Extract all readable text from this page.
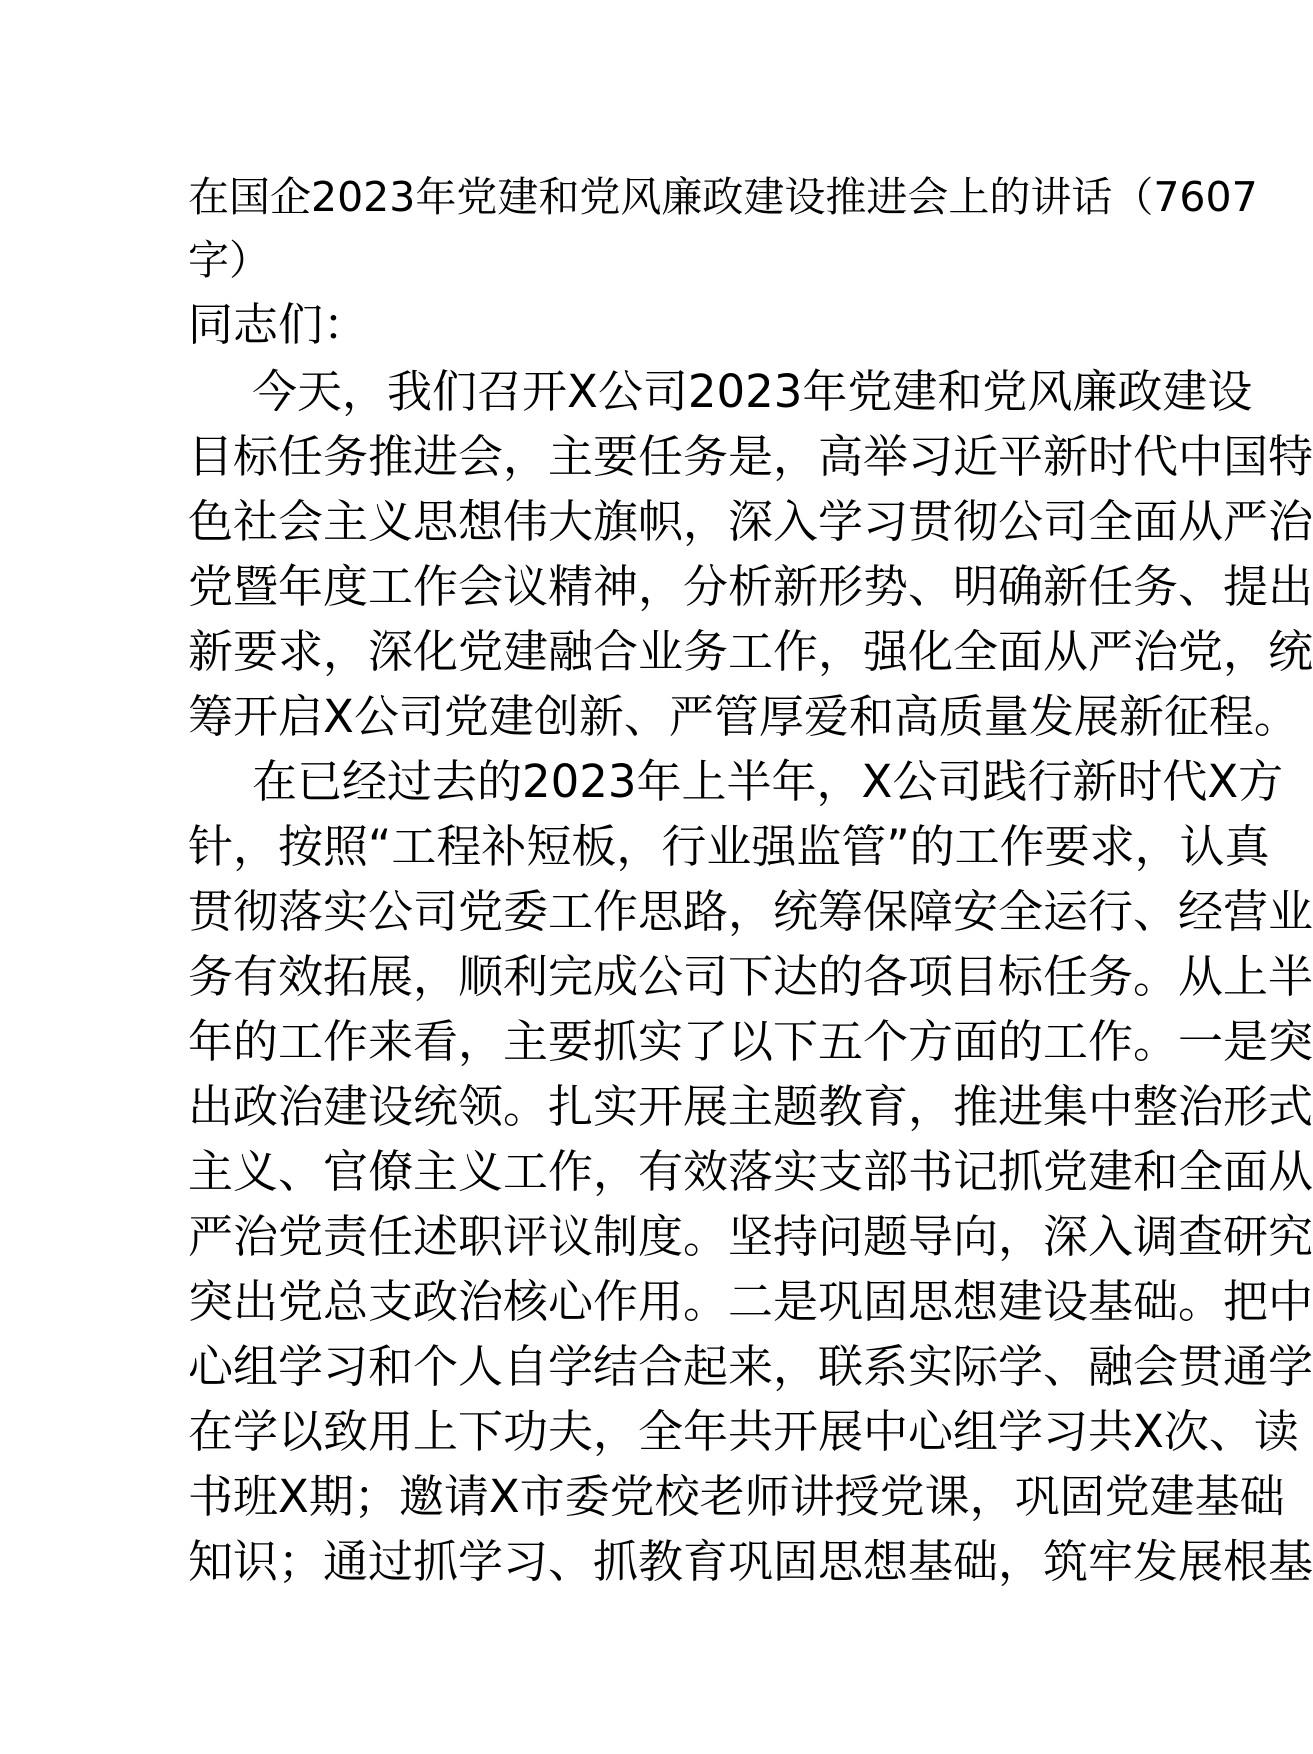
在国企2023年党建和党风廉政建设推进会上的讲话（7607
字）
同志们：
今天，我们召开X公司2023年党建和党风廉政建设
目标任务推进会，主要任务是，高举习近平新时代中国特
色社会主义思想伟大旗帜，深入学习贯彻公司全面从严治
党暨年度工作会议精神，分析新形势、明确新任务、提出
新要求，深化党建融合业务工作，强化全面从严治党，统
筹开启X公司党建创新、严管厚爱和高质量发展新征程。
在已经过去的2023年上半年，X公司践行新时代X方
针，按照“工程补短板，行业强监管”的工作要求，认真
贯彻落实公司党委工作思路，统筹保障安全运行、经营业
务有效拓展，顺利完成公司下达的各项目标任务。从上半
年的工作来看，主要抓实了以下五个方面的工作。一是突
出政治建设统领。扎实开展主题教育，推进集中整治形式
主义、官僚主义工作，有效落实支部书记抓党建和全面从
严治党责任述职评议制度。坚持问题导向，深入调查研究
突出党总支政治核心作用。二是巩固思想建设基础。把中
心组学习和个人自学结合起来，联系实际学、融会贯通学
在学以致用上下功夫，全年共开展中心组学习共X次、读
书班X期；邀请X市委党校老师讲授党课，巩固党建基础
知识；通过抓学习、抓教育巩固思想基础，筑牢发展根基
